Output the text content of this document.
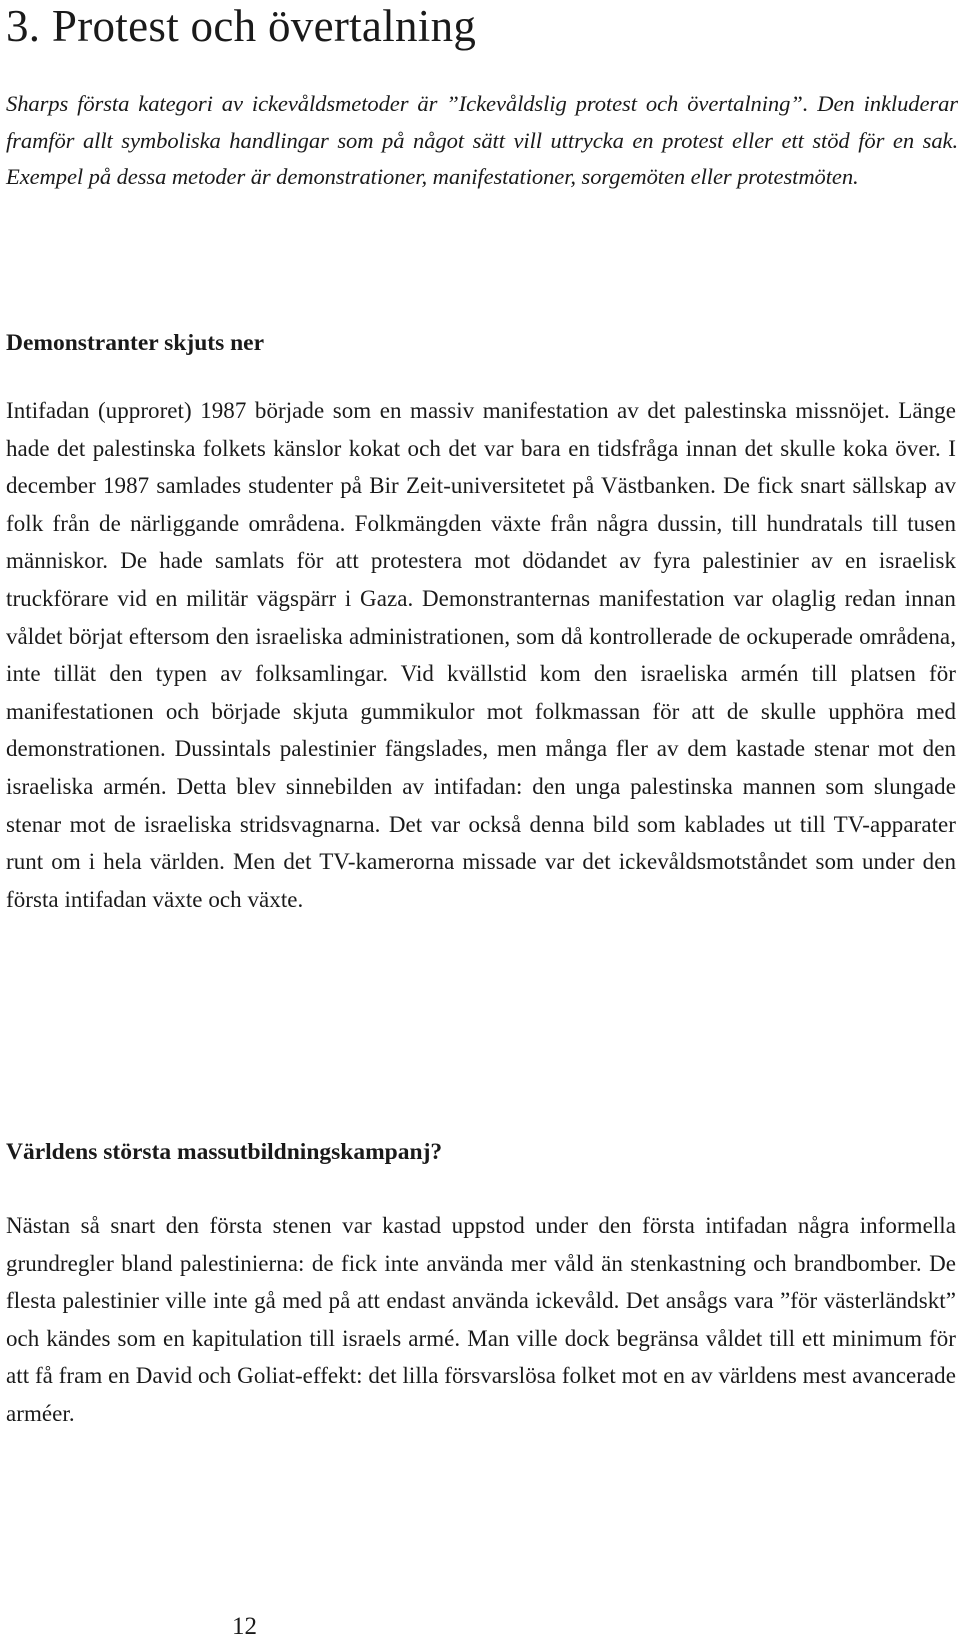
3. Protest och övertalning

Sharps första kategori av ickevåldsmetoder är ”Ickevåldslig protest och övertalning”. Den inkluderar framför allt symboliska handlingar som på något sätt vill uttrycka en protest eller ett stöd för en sak. Exempel på dessa metoder är demonstrationer, manifestationer, sorgemöten eller protestmöten.

Demonstranter skjuts ner

Intifadan (upproret) 1987 började som en massiv manifestation av det palestinska missnöjet. Länge hade det palestinska folkets känslor kokat och det var bara en tidsfråga innan det skulle koka över. I december 1987 samlades studenter på Bir Zeit-universitetet på Västbanken. De fick snart sällskap av folk från de närliggande områdena. Folkmängden växte från några dussin, till hundratals till tusen människor. De hade samlats för att protestera mot dödandet av fyra palestinier av en israelisk truckförare vid en militär vägspärr i Gaza. Demonstranternas manifestation var olaglig redan innan våldet börjat eftersom den israeliska administrationen, som då kontrollerade de ockuperade områdena, inte tillät den typen av folksamlingar. Vid kvällstid kom den israeliska armén till platsen för manifestationen och började skjuta gummikulor mot folkmassan för att de skulle upphöra med demonstrationen. Dussintals palestinier fängslades, men många fler av dem kastade stenar mot den israeliska armén. Detta blev sinnebilden av intifadan: den unga palestinska mannen som slungade stenar mot de israeliska stridsvagnarna. Det var också denna bild som kablades ut till TV-apparater runt om i hela världen. Men det TV-kamerorna missade var det ickevåldsmotståndet som under den första intifadan växte och växte.

Världens största massutbildningskampanj?

Nästan så snart den första stenen var kastad uppstod under den första intifadan några informella grundregler bland palestinierna: de fick inte använda mer våld än stenkastning och brandbomber. De flesta palestinier ville inte gå med på att endast använda ickevåld. Det ansågs vara ”för västerländskt” och kändes som en kapitulation till israels armé. Man ville dock begränsa våldet till ett minimum för att få fram en David och Goliat-effekt: det lilla försvarslösa folket mot en av världens mest avancerade arméer.

12
